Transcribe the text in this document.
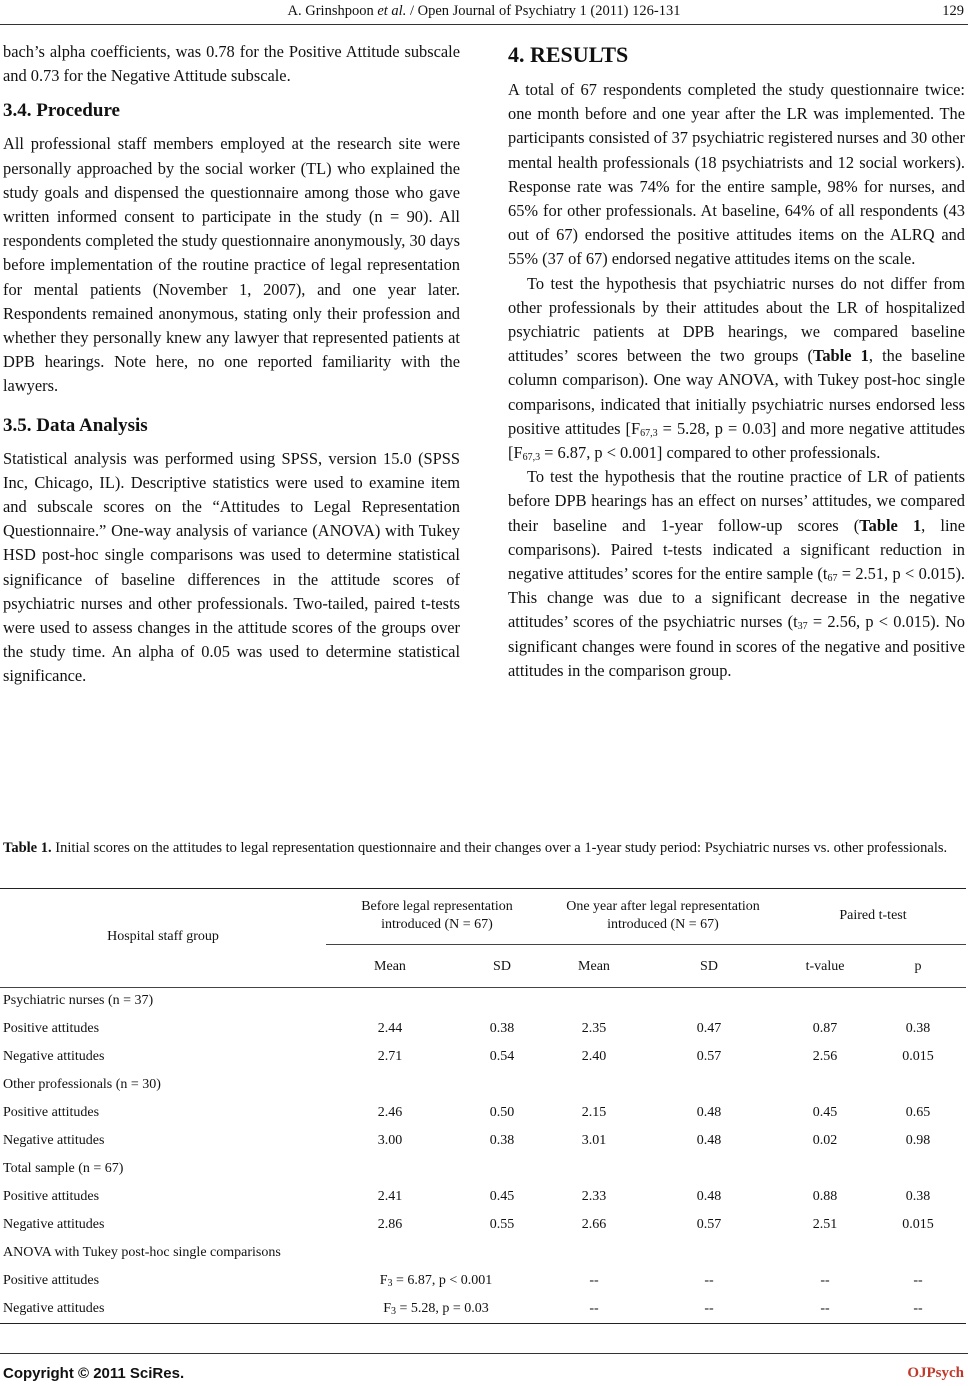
A. Grinshpoon et al. / Open Journal of Psychiatry 1 (2011) 126-131	129

bach’s alpha coefficients, was 0.78 for the Positive Attitude subscale and 0.73 for the Negative Attitude subscale.

3.4. Procedure

All professional staff members employed at the research site were personally approached by the social worker (TL) who explained the study goals and dispensed the questionnaire among those who gave written informed consent to participate in the study (n = 90). All respondents completed the study questionnaire anonymously, 30 days before implementation of the routine practice of legal representation for mental patients (November 1, 2007), and one year later. Respondents remained anonymous, stating only their profession and whether they personally knew any lawyer that represented patients at DPB hearings. Note here, no one reported familiarity with the lawyers.

3.5. Data Analysis

Statistical analysis was performed using SPSS, version 15.0 (SPSS Inc, Chicago, IL). Descriptive statistics were used to examine item and subscale scores on the “Attitudes to Legal Representation Questionnaire.” One-way analysis of variance (ANOVA) with Tukey HSD post-hoc single comparisons was used to determine statistical significance of baseline differences in the attitude scores of psychiatric nurses and other professionals. Two-tailed, paired t-tests were used to assess changes in the attitude scores of the groups over the study time. An alpha of 0.05 was used to determine statistical significance.

4. RESULTS

A total of 67 respondents completed the study questionnaire twice: one month before and one year after the LR was implemented. The participants consisted of 37 psychiatric registered nurses and 30 other mental health professionals (18 psychiatrists and 12 social workers). Response rate was 74% for the entire sample, 98% for nurses, and 65% for other professionals. At baseline, 64% of all respondents (43 out of 67) endorsed the positive attitudes items on the ALRQ and 55% (37 of 67) endorsed negative attitudes items on the scale.

To test the hypothesis that psychiatric nurses do not differ from other professionals by their attitudes about the LR of hospitalized psychiatric patients at DPB hearings, we compared baseline attitudes’ scores between the two groups (Table 1, the baseline column comparison). One way ANOVA, with Tukey post-hoc single comparisons, indicated that initially psychiatric nurses endorsed less positive attitudes [$F_{67,3} = 5.28$, p = 0.03] and more negative attitudes [$F_{67,3} = 6.87$, p < 0.001] compared to other professionals.

To test the hypothesis that the routine practice of LR of patients before DPB hearings has an effect on nurses’ attitudes, we compared their baseline and 1-year follow-up scores (Table 1, line comparisons). Paired t-tests indicated a significant reduction in negative attitudes’ scores for the entire sample ($t_{67} = 2.51$, p < 0.015). This change was due to a significant decrease in the negative attitudes’ scores of the psychiatric nurses ($t_{37} = 2.56$, p < 0.015). No significant changes were found in scores of the negative and positive attitudes in the comparison group.

Table 1. Initial scores on the attitudes to legal representation questionnaire and their changes over a 1-year study period: Psychiatric nurses vs. other professionals.
Hospital staff group
Before legal representation
introduced (N = 67)
One year after legal representation
introduced (N = 67)
Paired t-test
Mean	SD	Mean	SD	t-value	p
Psychiatric nurses (n = 37)
Positive attitudes	2.44	0.38	2.35	0.47	0.87	0.38
Negative attitudes	2.71	0.54	2.40	0.57	2.56	0.015
Other professionals (n = 30)
Positive attitudes	2.46	0.50	2.15	0.48	0.45	0.65
Negative attitudes	3.00	0.38	3.01	0.48	0.02	0.98
Total sample (n = 67)
Positive attitudes	2.41	0.45	2.33	0.48	0.88	0.38
Negative attitudes	2.86	0.55	2.66	0.57	2.51	0.015
ANOVA with Tukey post-hoc single comparisons
Positive attitudes	$F_3 = 6.87$, p < 0.001	--	--	--	--
Negative attitudes	$F_3 = 5.28$, p = 0.03	--	--	--	--
Copyright © 2011 SciRes.	OJPsych
